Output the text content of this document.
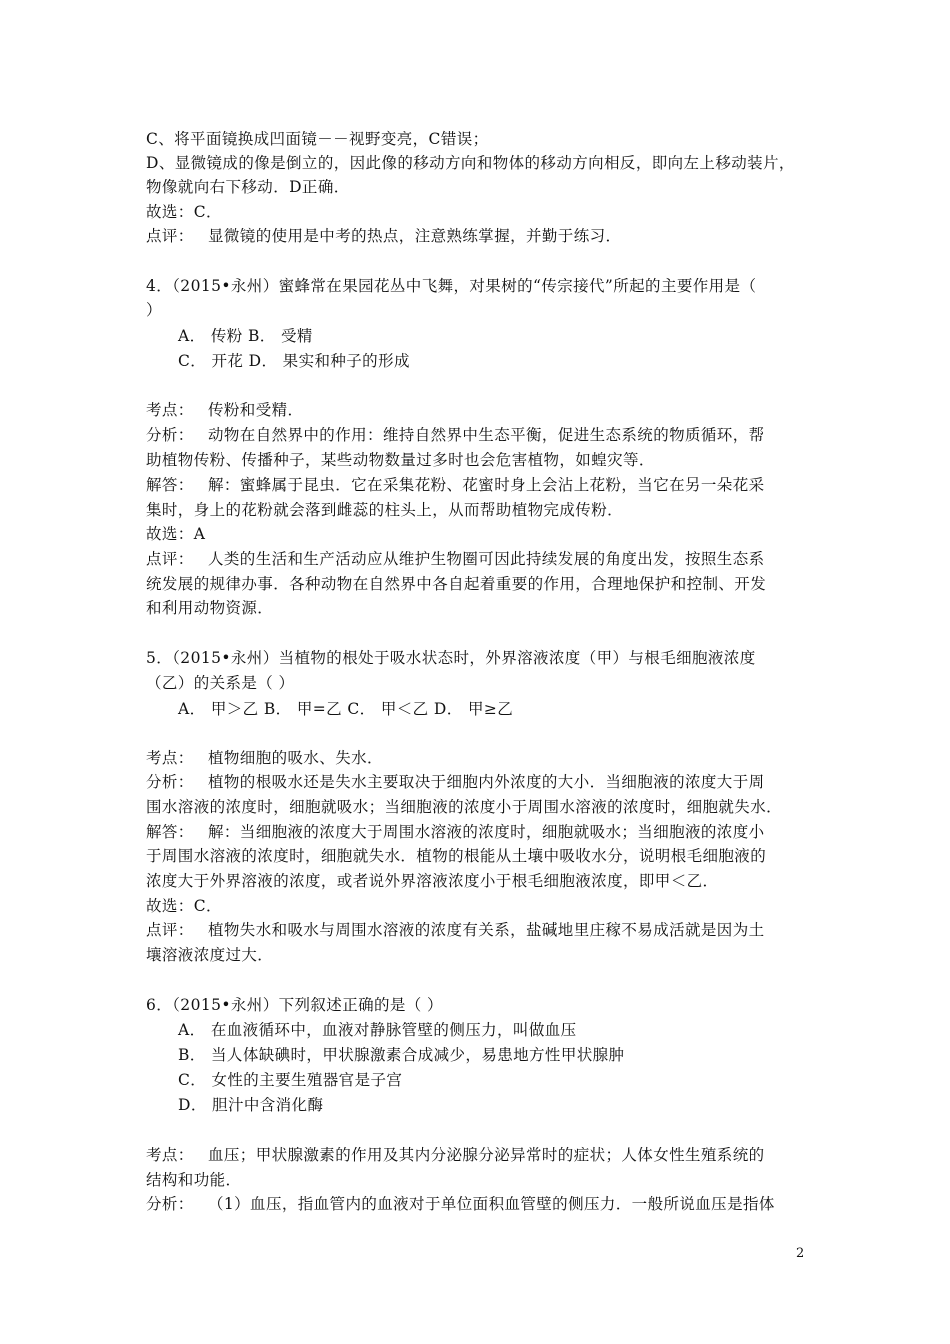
C、将平面镜换成凹面镜－－视野变亮，C错误；
D、显微镜成的像是倒立的，因此像的移动方向和物体的移动方向相反，即向左上移动装片，
物像就向右下移动．D正确．
故选：C．
点评： 显微镜的使用是中考的热点，注意熟练掌握，并勤于练习．
4．（2015•永州）蜜蜂常在果园花丛中飞舞，对果树的“传宗接代”所起的主要作用是（
）
A． 传粉 B． 受精
C． 开花 D． 果实和种子的形成
考点： 传粉和受精．
分析： 动物在自然界中的作用：维持自然界中生态平衡，促进生态系统的物质循环，帮
助植物传粉、传播种子，某些动物数量过多时也会危害植物，如蝗灾等．
解答： 解：蜜蜂属于昆虫．它在采集花粉、花蜜时身上会沾上花粉，当它在另一朵花采
集时，身上的花粉就会落到雌蕊的柱头上，从而帮助植物完成传粉．
故选：A
点评： 人类的生活和生产活动应从维护生物圈可因此持续发展的角度出发，按照生态系
统发展的规律办事．各种动物在自然界中各自起着重要的作用，合理地保护和控制、开发
和利用动物资源．
5．（2015•永州）当植物的根处于吸水状态时，外界溶液浓度（甲）与根毛细胞液浓度
（乙）的关系是（ ）
A． 甲＞乙 B． 甲=乙 C． 甲＜乙 D． 甲≥乙
考点： 植物细胞的吸水、失水．
分析： 植物的根吸水还是失水主要取决于细胞内外浓度的大小．当细胞液的浓度大于周
围水溶液的浓度时，细胞就吸水；当细胞液的浓度小于周围水溶液的浓度时，细胞就失水．
解答： 解：当细胞液的浓度大于周围水溶液的浓度时，细胞就吸水；当细胞液的浓度小
于周围水溶液的浓度时，细胞就失水．植物的根能从土壤中吸收水分，说明根毛细胞液的
浓度大于外界溶液的浓度，或者说外界溶液浓度小于根毛细胞液浓度，即甲＜乙．
故选：C．
点评： 植物失水和吸水与周围水溶液的浓度有关系，盐碱地里庄稼不易成活就是因为土
壤溶液浓度过大．
6．（2015•永州）下列叙述正确的是（ ）
A． 在血液循环中，血液对静脉管壁的侧压力，叫做血压
B． 当人体缺碘时，甲状腺激素合成减少，易患地方性甲状腺肿
C． 女性的主要生殖器官是子宫
D． 胆汁中含消化酶
考点： 血压；甲状腺激素的作用及其内分泌腺分泌异常时的症状；人体女性生殖系统的
结构和功能．
分析： （1）血压，指血管内的血液对于单位面积血管壁的侧压力．一般所说血压是指体
2
